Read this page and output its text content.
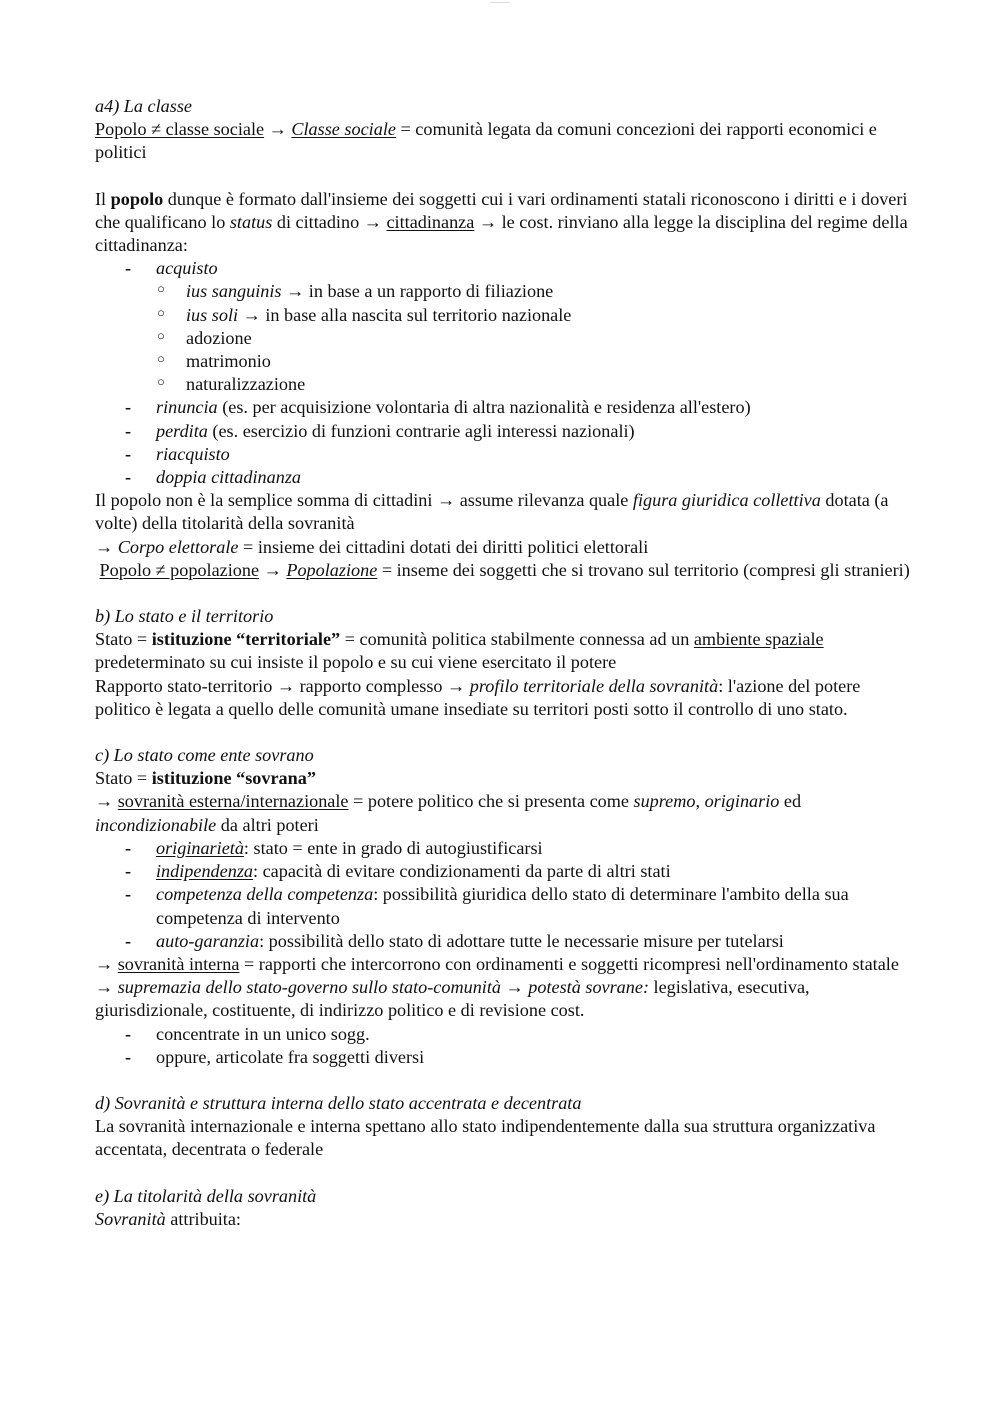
a4) La classe

Popolo ≠ classe sociale → Classe sociale = comunità legata da comuni concezioni dei rapporti economici e politici

Il popolo dunque è formato dall'insieme dei soggetti cui i vari ordinamenti statali riconoscono i diritti e i doveri che qualificano lo status di cittadino → cittadinanza → le cost. rinviano alla legge la disciplina del regime della cittadinanza:

- acquisto
○ ius sanguinis → in base a un rapporto di filiazione
○ ius soli → in base alla nascita sul territorio nazionale
○ adozione
○ matrimonio
○ naturalizzazione
- rinuncia (es. per acquisizione volontaria di altra nazionalità e residenza all'estero)
- perdita (es. esercizio di funzioni contrarie agli interessi nazionali)
- riacquisto
- doppia cittadinanza

Il popolo non è la semplice somma di cittadini → assume rilevanza quale figura giuridica collettiva dotata (a volte) della titolarità della sovranità

→ Corpo elettorale = insieme dei cittadini dotati dei diritti politici elettorali

Popolo ≠ popolazione → Popolazione = inseme dei soggetti che si trovano sul territorio (compresi gli stranieri)

b) Lo stato e il territorio

Stato = istituzione “territoriale” = comunità politica stabilmente connessa ad un ambiente spaziale predeterminato su cui insiste il popolo e su cui viene esercitato il potere

Rapporto stato-territorio → rapporto complesso → profilo territoriale della sovranità: l'azione del potere politico è legata a quello delle comunità umane insediate su territori posti sotto il controllo di uno stato.

c) Lo stato come ente sovrano

Stato = istituzione “sovrana”

→ sovranità esterna/internazionale = potere politico che si presenta come supremo, originario ed incondizionabile da altri poteri

- originarietà: stato = ente in grado di autogiustificarsi
- indipendenza: capacità di evitare condizionamenti da parte di altri stati
- competenza della competenza: possibilità giuridica dello stato di determinare l'ambito della sua competenza di intervento
- auto-garanzia: possibilità dello stato di adottare tutte le necessarie misure per tutelarsi

→ sovranità interna = rapporti che intercorrono con ordinamenti e soggetti ricompresi nell'ordinamento statale → supremazia dello stato-governo sullo stato-comunità → potestà sovrane: legislativa, esecutiva, giurisdizionale, costituente, di indirizzo politico e di revisione cost.

- concentrate in un unico sogg.
- oppure, articolate fra soggetti diversi

d) Sovranità e struttura interna dello stato accentrata e decentrata

La sovranità internazionale e interna spettano allo stato indipendentemente dalla sua struttura organizzativa accentata, decentrata o federale

e) La titolarità della sovranità

Sovranità attribuita:
